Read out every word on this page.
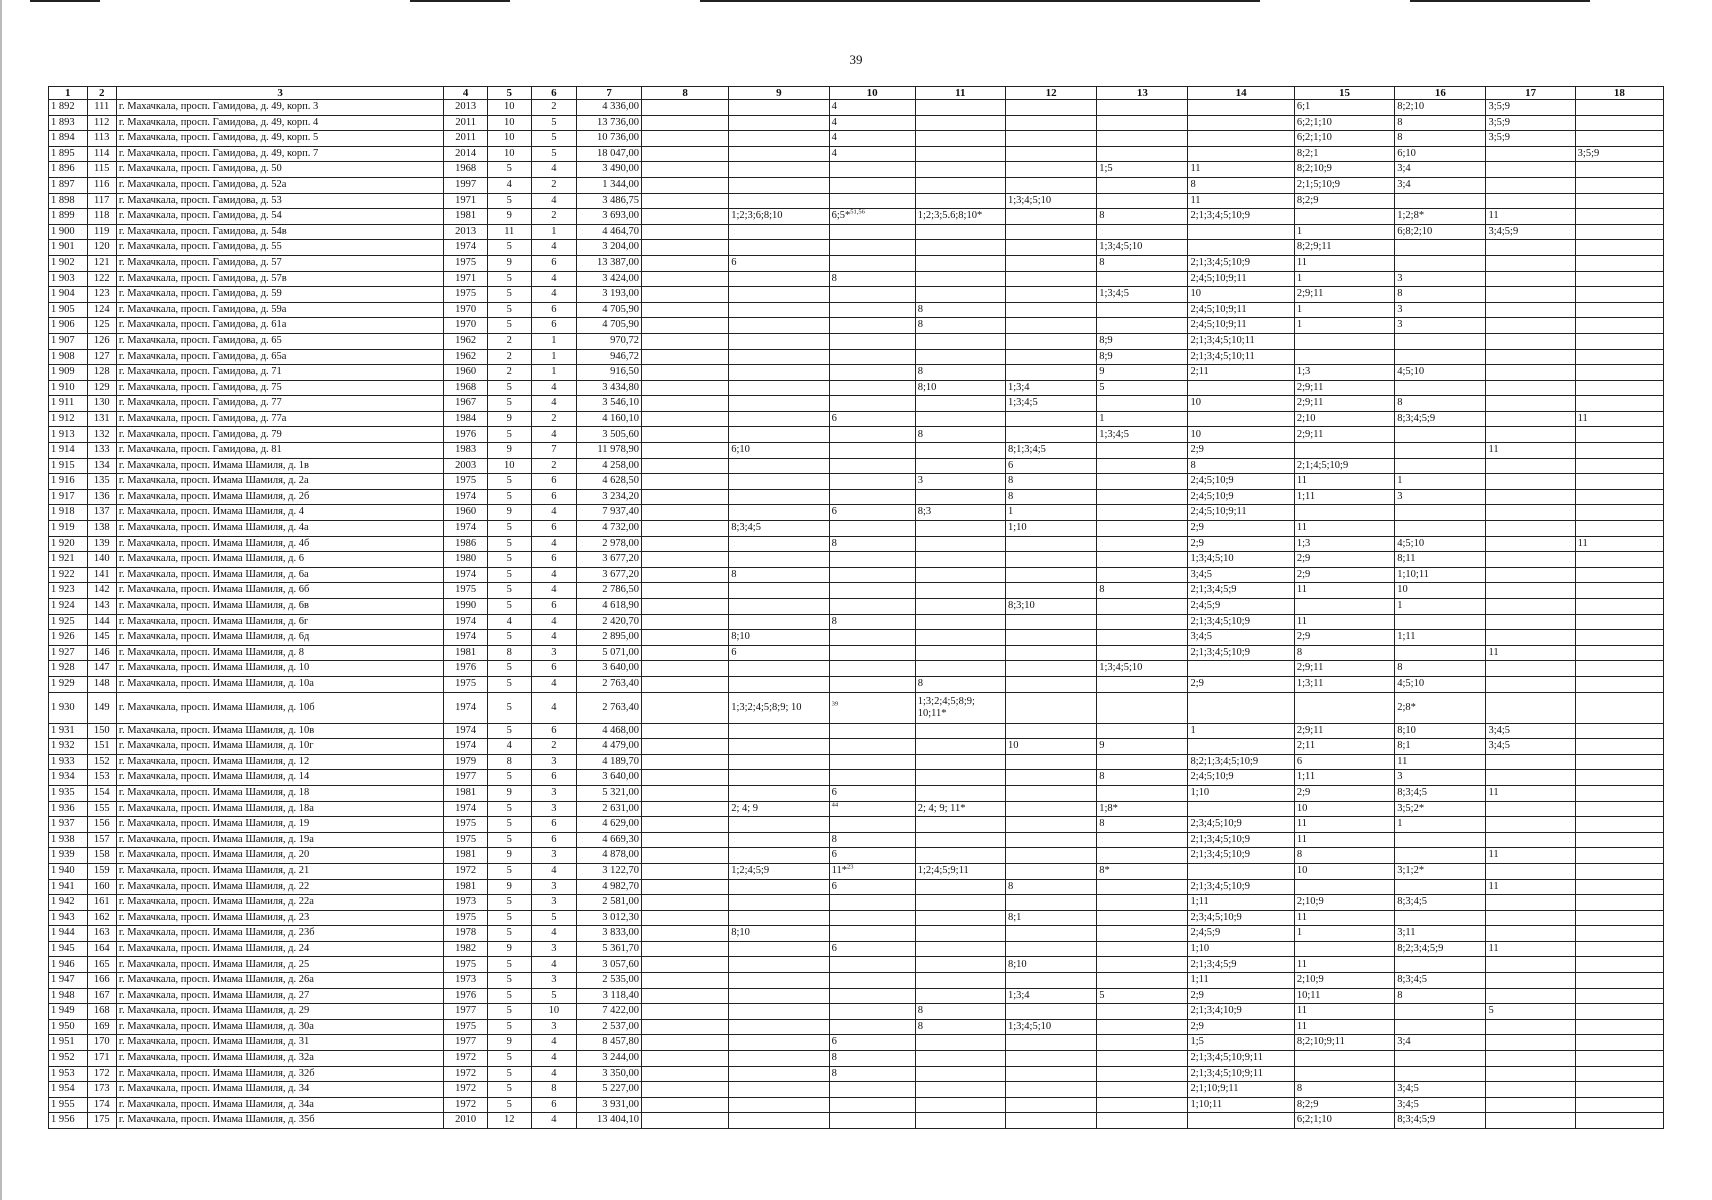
39
1	2	3	4	5	6	7	8	9	10	11	12	13	14	15	16	17	18
1 892	111	г. Махачкала, просп. Гамидова, д. 49, корп. 3	2013	10	2	4 336,00			4					6;1	8;2;10	3;5;9	
1 893	112	г. Махачкала, просп. Гамидова, д. 49, корп. 4	2011	10	5	13 736,00			4					6;2;1;10	8	3;5;9	
1 894	113	г. Махачкала, просп. Гамидова, д. 49, корп. 5	2011	10	5	10 736,00			4					6;2;1;10	8	3;5;9	
1 895	114	г. Махачкала, просп. Гамидова, д. 49, корп. 7	2014	10	5	18 047,00			4					8;2;1	6;10		3;5;9
1 896	115	г. Махачкала, просп. Гамидова, д. 50	1968	5	4	3 490,00						1;5	11	8;2;10;9	3;4		
1 897	116	г. Махачкала, просп. Гамидова, д. 52а	1997	4	2	1 344,00							8	2;1;5;10;9	3;4		
1 898	117	г. Махачкала, просп. Гамидова, д. 53	1971	5	4	3 486,75					1;3;4;5;10		11	8;2;9			
1 899	118	г. Махачкала, просп. Гамидова, д. 54	1981	9	2	3 693,00		1;2;3;6;8;10	6;5*$^{51,56}$	1;2;3;5.6;8;10*		8	2;1;3;4;5;10;9		1;2;8*	11	
1 900	119	г. Махачкала, просп. Гамидова, д. 54в	2013	11	1	4 464,70								1	6;8;2;10	3;4;5;9	
1 901	120	г. Махачкала, просп. Гамидова, д. 55	1974	5	4	3 204,00						1;3;4;5;10		8;2;9;11			
1 902	121	г. Махачкала, просп. Гамидова, д. 57	1975	9	6	13 387,00		6				8	2;1;3;4;5;10;9	11			
1 903	122	г. Махачкала, просп. Гамидова, д. 57в	1971	5	4	3 424,00			8				2;4;5;10;9;11	1	3		
1 904	123	г. Махачкала, просп. Гамидова, д. 59	1975	5	4	3 193,00						1;3;4;5	10	2;9;11	8		
1 905	124	г. Махачкала, просп. Гамидова, д. 59а	1970	5	6	4 705,90				8			2;4;5;10;9;11	1	3		
1 906	125	г. Махачкала, просп. Гамидова, д. 61а	1970	5	6	4 705,90				8			2;4;5;10;9;11	1	3		
1 907	126	г. Махачкала, просп. Гамидова, д. 65	1962	2	1	970,72						8;9	2;1;3;4;5;10;11				
1 908	127	г. Махачкала, просп. Гамидова, д. 65а	1962	2	1	946,72						8;9	2;1;3;4;5;10;11				
1 909	128	г. Махачкала, просп. Гамидова, д. 71	1960	2	1	916,50				8		9	2;11	1;3	4;5;10		
1 910	129	г. Махачкала, просп. Гамидова, д. 75	1968	5	4	3 434,80				8;10	1;3;4	5		2;9;11			
1 911	130	г. Махачкала, просп. Гамидова, д. 77	1967	5	4	3 546,10					1;3;4;5		10	2;9;11	8		
1 912	131	г. Махачкала, просп. Гамидова, д. 77а	1984	9	2	4 160,10			6			1		2;10	8;3;4;5;9		11
1 913	132	г. Махачкала, просп. Гамидова, д. 79	1976	5	4	3 505,60				8		1;3;4;5	10	2;9;11			
1 914	133	г. Махачкала, просп. Гамидова, д. 81	1983	9	7	11 978,90		6;10			8;1;3;4;5		2;9			11	
1 915	134	г. Махачкала, просп. Имама Шамиля, д. 1в	2003	10	2	4 258,00					6		8	2;1;4;5;10;9			
1 916	135	г. Махачкала, просп. Имама Шамиля, д. 2а	1975	5	6	4 628,50				3	8		2;4;5;10;9	11	1		
1 917	136	г. Махачкала, просп. Имама Шамиля, д. 2б	1974	5	6	3 234,20					8		2;4;5;10;9	1;11	3		
1 918	137	г. Махачкала, просп. Имама Шамиля, д. 4	1960	9	4	7 937,40			6	8;3	1		2;4;5;10;9;11				
1 919	138	г. Махачкала, просп. Имама Шамиля, д. 4а	1974	5	6	4 732,00		8;3;4;5			1;10		2;9	11			
1 920	139	г. Махачкала, просп. Имама Шамиля, д. 4б	1986	5	4	2 978,00			8				2;9	1;3	4;5;10		11
1 921	140	г. Махачкала, просп. Имама Шамиля, д. 6	1980	5	6	3 677,20							1;3;4;5;10	2;9	8;11		
1 922	141	г. Махачкала, просп. Имама Шамиля, д. 6а	1974	5	4	3 677,20		8					3;4;5	2;9	1;10;11		
1 923	142	г. Махачкала, просп. Имама Шамиля, д. 6б	1975	5	4	2 786,50						8	2;1;3;4;5;9	11	10		
1 924	143	г. Махачкала, просп. Имама Шамиля, д. 6в	1990	5	6	4 618,90					8;3;10		2;4;5;9		1		
1 925	144	г. Махачкала, просп. Имама Шамиля, д. 6г	1974	4	4	2 420,70			8				2;1;3;4;5;10;9	11			
1 926	145	г. Махачкала, просп. Имама Шамиля, д. 6д	1974	5	4	2 895,00		8;10					3;4;5	2;9	1;11		
1 927	146	г. Махачкала, просп. Имама Шамиля, д. 8	1981	8	3	5 071,00		6					2;1;3;4;5;10;9	8		11	
1 928	147	г. Махачкала, просп. Имама Шамиля, д. 10	1976	5	6	3 640,00						1;3;4;5;10		2;9;11	8		
1 929	148	г. Махачкала, просп. Имама Шамиля, д. 10а	1975	5	4	2 763,40				8			2;9	1;3;11	4;5;10		
1 930	149	г. Махачкала, просп. Имама Шамиля, д. 10б	1974	5	4	2 763,40		1;3;2;4;5;8;9; 10	$^{39}$	1;3;2;4;5;8;9; 10;11*					2;8*		
1 931	150	г. Махачкала, просп. Имама Шамиля, д. 10в	1974	5	6	4 468,00							1	2;9;11	8;10	3;4;5	
1 932	151	г. Махачкала, просп. Имама Шамиля, д. 10г	1974	4	2	4 479,00					10	9		2;11	8;1	3;4;5	
1 933	152	г. Махачкала, просп. Имама Шамиля, д. 12	1979	8	3	4 189,70							8;2;1;3;4;5;10;9	6	11		
1 934	153	г. Махачкала, просп. Имама Шамиля, д. 14	1977	5	6	3 640,00						8	2;4;5;10;9	1;11	3		
1 935	154	г. Махачкала, просп. Имама Шамиля, д. 18	1981	9	3	5 321,00			6				1;10	2;9	8;3;4;5	11	
1 936	155	г. Махачкала, просп. Имама Шамиля, д. 18а	1974	5	3	2 631,00		2; 4; 9	$^{44}$	2; 4; 9; 11*		1;8*		10	3;5;2*		
1 937	156	г. Махачкала, просп. Имама Шамиля, д. 19	1975	5	6	4 629,00						8	2;3;4;5;10;9	11	1		
1 938	157	г. Махачкала, просп. Имама Шамиля, д. 19а	1975	5	6	4 669,30			8				2;1;3;4;5;10;9	11			
1 939	158	г. Махачкала, просп. Имама Шамиля, д. 20	1981	9	3	4 878,00			6				2;1;3;4;5;10;9	8		11	
1 940	159	г. Махачкала, просп. Имама Шамиля, д. 21	1972	5	4	3 122,70		1;2;4;5;9	11*$^{23}$	1;2;4;5;9;11		8*		10	3;1;2*		
1 941	160	г. Махачкала, просп. Имама Шамиля, д. 22	1981	9	3	4 982,70			6		8		2;1;3;4;5;10;9			11	
1 942	161	г. Махачкала, просп. Имама Шамиля, д. 22а	1973	5	3	2 581,00							1;11	2;10;9	8;3;4;5		
1 943	162	г. Махачкала, просп. Имама Шамиля, д. 23	1975	5	5	3 012,30					8;1		2;3;4;5;10;9	11			
1 944	163	г. Махачкала, просп. Имама Шамиля, д. 23б	1978	5	4	3 833,00		8;10					2;4;5;9	1	3;11		
1 945	164	г. Махачкала, просп. Имама Шамиля, д. 24	1982	9	3	5 361,70			6				1;10		8;2;3;4;5;9	11	
1 946	165	г. Махачкала, просп. Имама Шамиля, д. 25	1975	5	4	3 057,60					8;10		2;1;3;4;5;9	11			
1 947	166	г. Махачкала, просп. Имама Шамиля, д. 26а	1973	5	3	2 535,00							1;11	2;10;9	8;3;4;5		
1 948	167	г. Махачкала, просп. Имама Шамиля, д. 27	1976	5	5	3 118,40					1;3;4	5	2;9	10;11	8		
1 949	168	г. Махачкала, просп. Имама Шамиля, д. 29	1977	5	10	7 422,00				8			2;1;3;4;10;9	11		5	
1 950	169	г. Махачкала, просп. Имама Шамиля, д. 30а	1975	5	3	2 537,00				8	1;3;4;5;10		2;9	11			
1 951	170	г. Махачкала, просп. Имама Шамиля, д. 31	1977	9	4	8 457,80			6				1;5	8;2;10;9;11	3;4		
1 952	171	г. Махачкала, просп. Имама Шамиля, д. 32а	1972	5	4	3 244,00			8				2;1;3;4;5;10;9;11				
1 953	172	г. Махачкала, просп. Имама Шамиля, д. 32б	1972	5	4	3 350,00			8				2;1;3;4;5;10;9;11				
1 954	173	г. Махачкала, просп. Имама Шамиля, д. 34	1972	5	8	5 227,00							2;1;10;9;11	8	3;4;5		
1 955	174	г. Махачкала, просп. Имама Шамиля, д. 34а	1972	5	6	3 931,00							1;10;11	8;2;9	3;4;5		
1 956	175	г. Махачкала, просп. Имама Шамиля, д. 35б	2010	12	4	13 404,10								6;2;1;10	8;3;4;5;9		
